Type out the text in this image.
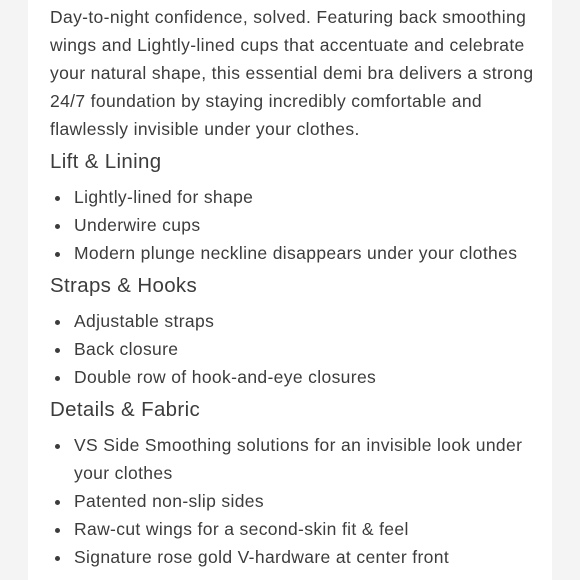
Day-to-night confidence, solved. Featuring back smoothing wings and Lightly-lined cups that accentuate and celebrate your natural shape, this essential demi bra delivers a strong 24/7 foundation by staying incredibly comfortable and flawlessly invisible under your clothes.

Lift & Lining
Lightly-lined for shape
Underwire cups
Modern plunge neckline disappears under your clothes
Straps & Hooks
Adjustable straps
Back closure
Double row of hook-and-eye closures
Details & Fabric
VS Side Smoothing solutions for an invisible look under your clothes
Patented non-slip sides
Raw-cut wings for a second-skin fit & feel
Signature rose gold V-hardware at center front
